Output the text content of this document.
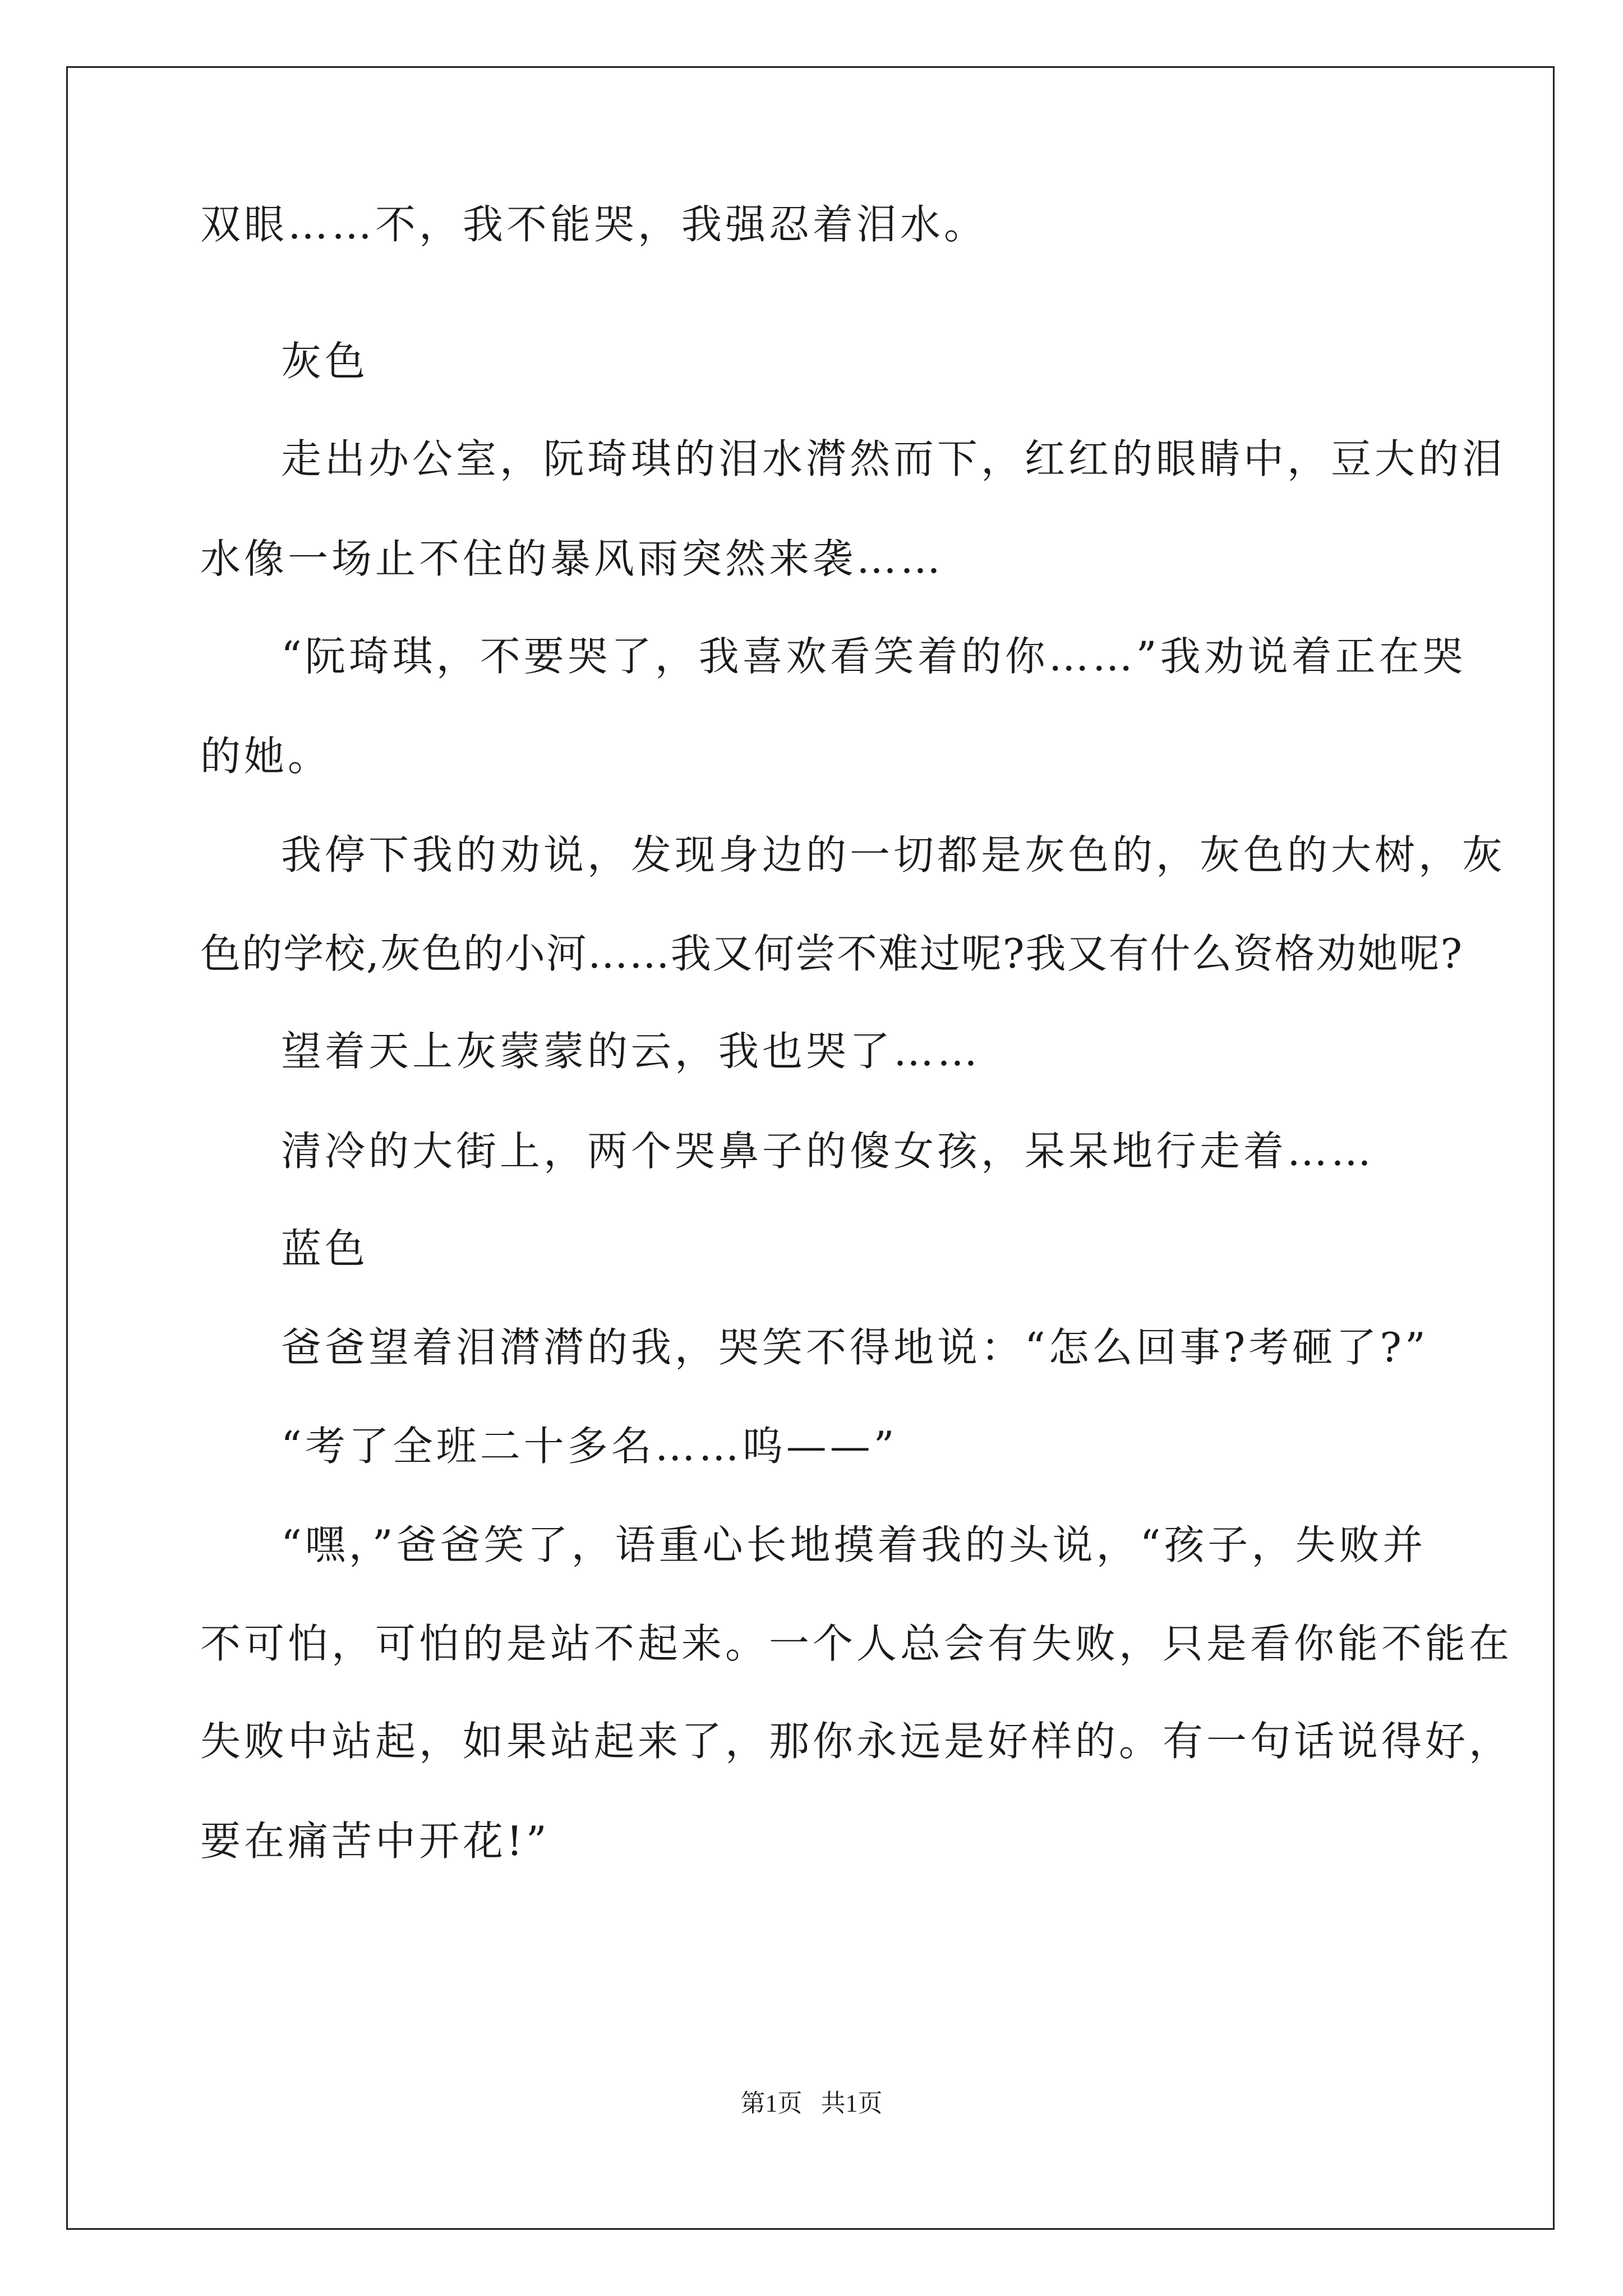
双眼……不，我不能哭，我强忍着泪水。
灰色
走出办公室，阮琦琪的泪水潸然而下，红红的眼睛中，豆大的泪
水像一场止不住的暴风雨突然来袭……
“阮琦琪，不要哭了，我喜欢看笑着的你……”我劝说着正在哭
的她。
我停下我的劝说，发现身边的一切都是灰色的，灰色的大树，灰
色的学校,灰色的小河……我又何尝不难过呢?我又有什么资格劝她呢?
望着天上灰蒙蒙的云，我也哭了……
清冷的大街上，两个哭鼻子的傻女孩，呆呆地行走着……
蓝色
爸爸望着泪潸潸的我，哭笑不得地说：“怎么回事?考砸了?”
“考了全班二十多名……呜——”
“嘿，”爸爸笑了，语重心长地摸着我的头说，“孩子，失败并
不可怕，可怕的是站不起来。一个人总会有失败，只是看你能不能在
失败中站起，如果站起来了，那你永远是好样的。有一句话说得好，
要在痛苦中开花!”
第1页   共1页
